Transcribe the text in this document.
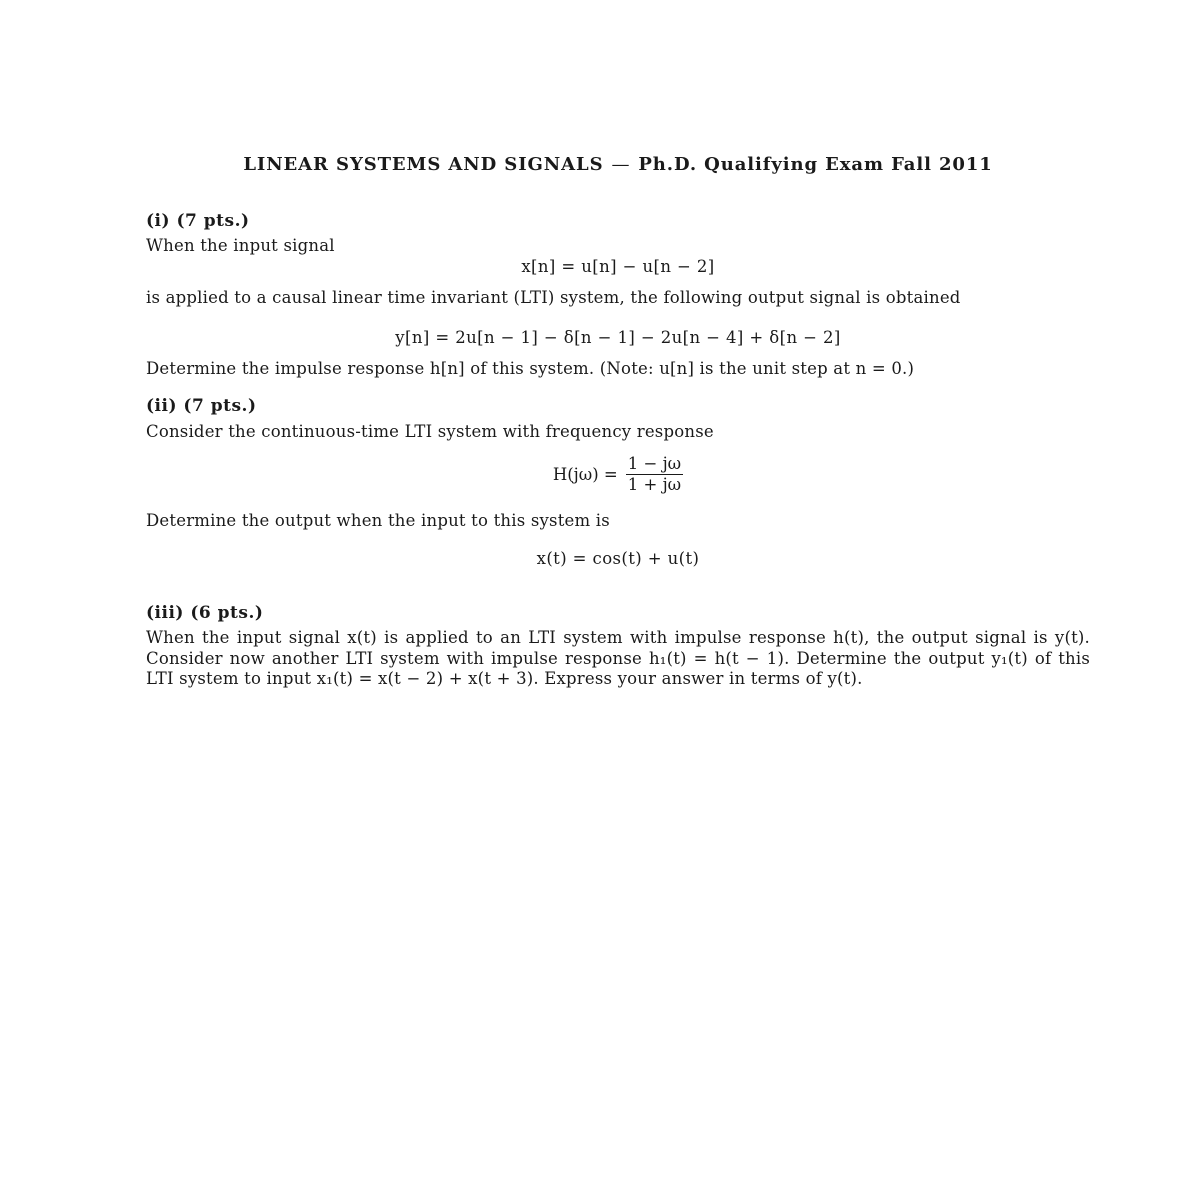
LINEAR SYSTEMS AND SIGNALS — Ph.D. Qualifying Exam Fall 2011
(i) (7 pts.)
When the input signal
x[n] = u[n] − u[n − 2]
is applied to a causal linear time invariant (LTI) system, the following output signal is obtained
y[n] = 2u[n − 1] − δ[n − 1] − 2u[n − 4] + δ[n − 2]
Determine the impulse response h[n] of this system. (Note: u[n] is the unit step at n = 0.)
(ii) (7 pts.)
Consider the continuous-time LTI system with frequency response
$H(j\omega) = \frac{1 - j\omega}{1 + j\omega}$
Determine the output when the input to this system is
x(t) = cos(t) + u(t)
(iii) (6 pts.)
When the input signal x(t) is applied to an LTI system with impulse response h(t), the output signal is y(t). Consider now another LTI system with impulse response h₁(t) = h(t − 1). Determine the output y₁(t) of this LTI system to input x₁(t) = x(t − 2) + x(t + 3). Express your answer in terms of y(t).
